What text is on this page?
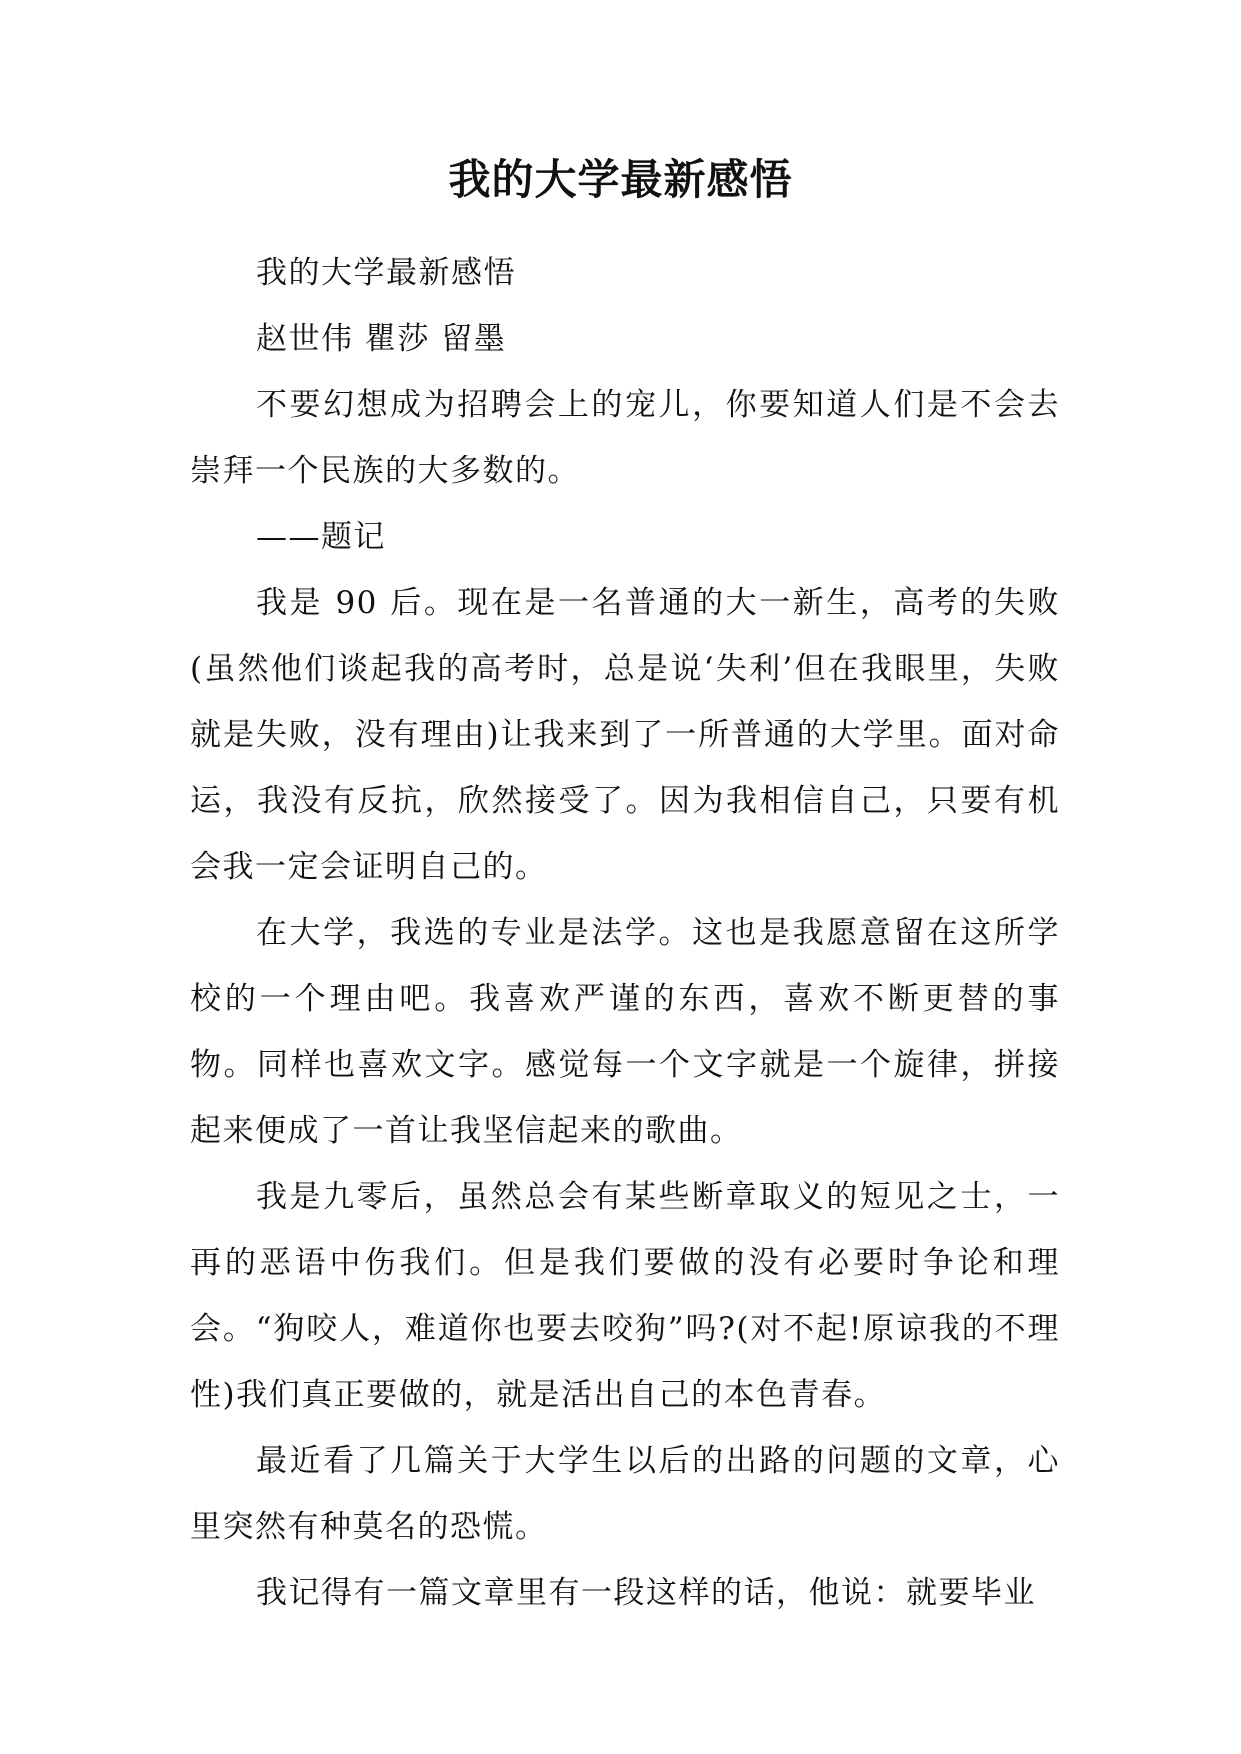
我的大学最新感悟

我的大学最新感悟

赵世伟 瞿莎 留墨

不要幻想成为招聘会上的宠儿，你要知道人们是不会去崇拜一个民族的大多数的。

——题记

我是 90 后。现在是一名普通的大一新生，高考的失败(虽然他们谈起我的高考时，总是说‘失利’但在我眼里，失败就是失败，没有理由)让我来到了一所普通的大学里。面对命运，我没有反抗，欣然接受了。因为我相信自己，只要有机会我一定会证明自己的。

在大学，我选的专业是法学。这也是我愿意留在这所学校的一个理由吧。我喜欢严谨的东西，喜欢不断更替的事物。同样也喜欢文字。感觉每一个文字就是一个旋律，拼接起来便成了一首让我坚信起来的歌曲。

我是九零后，虽然总会有某些断章取义的短见之士，一再的恶语中伤我们。但是我们要做的没有必要时争论和理会。“狗咬人，难道你也要去咬狗”吗?(对不起!原谅我的不理性)我们真正要做的，就是活出自己的本色青春。

最近看了几篇关于大学生以后的出路的问题的文章，心里突然有种莫名的恐慌。

我记得有一篇文章里有一段这样的话，他说：就要毕业
